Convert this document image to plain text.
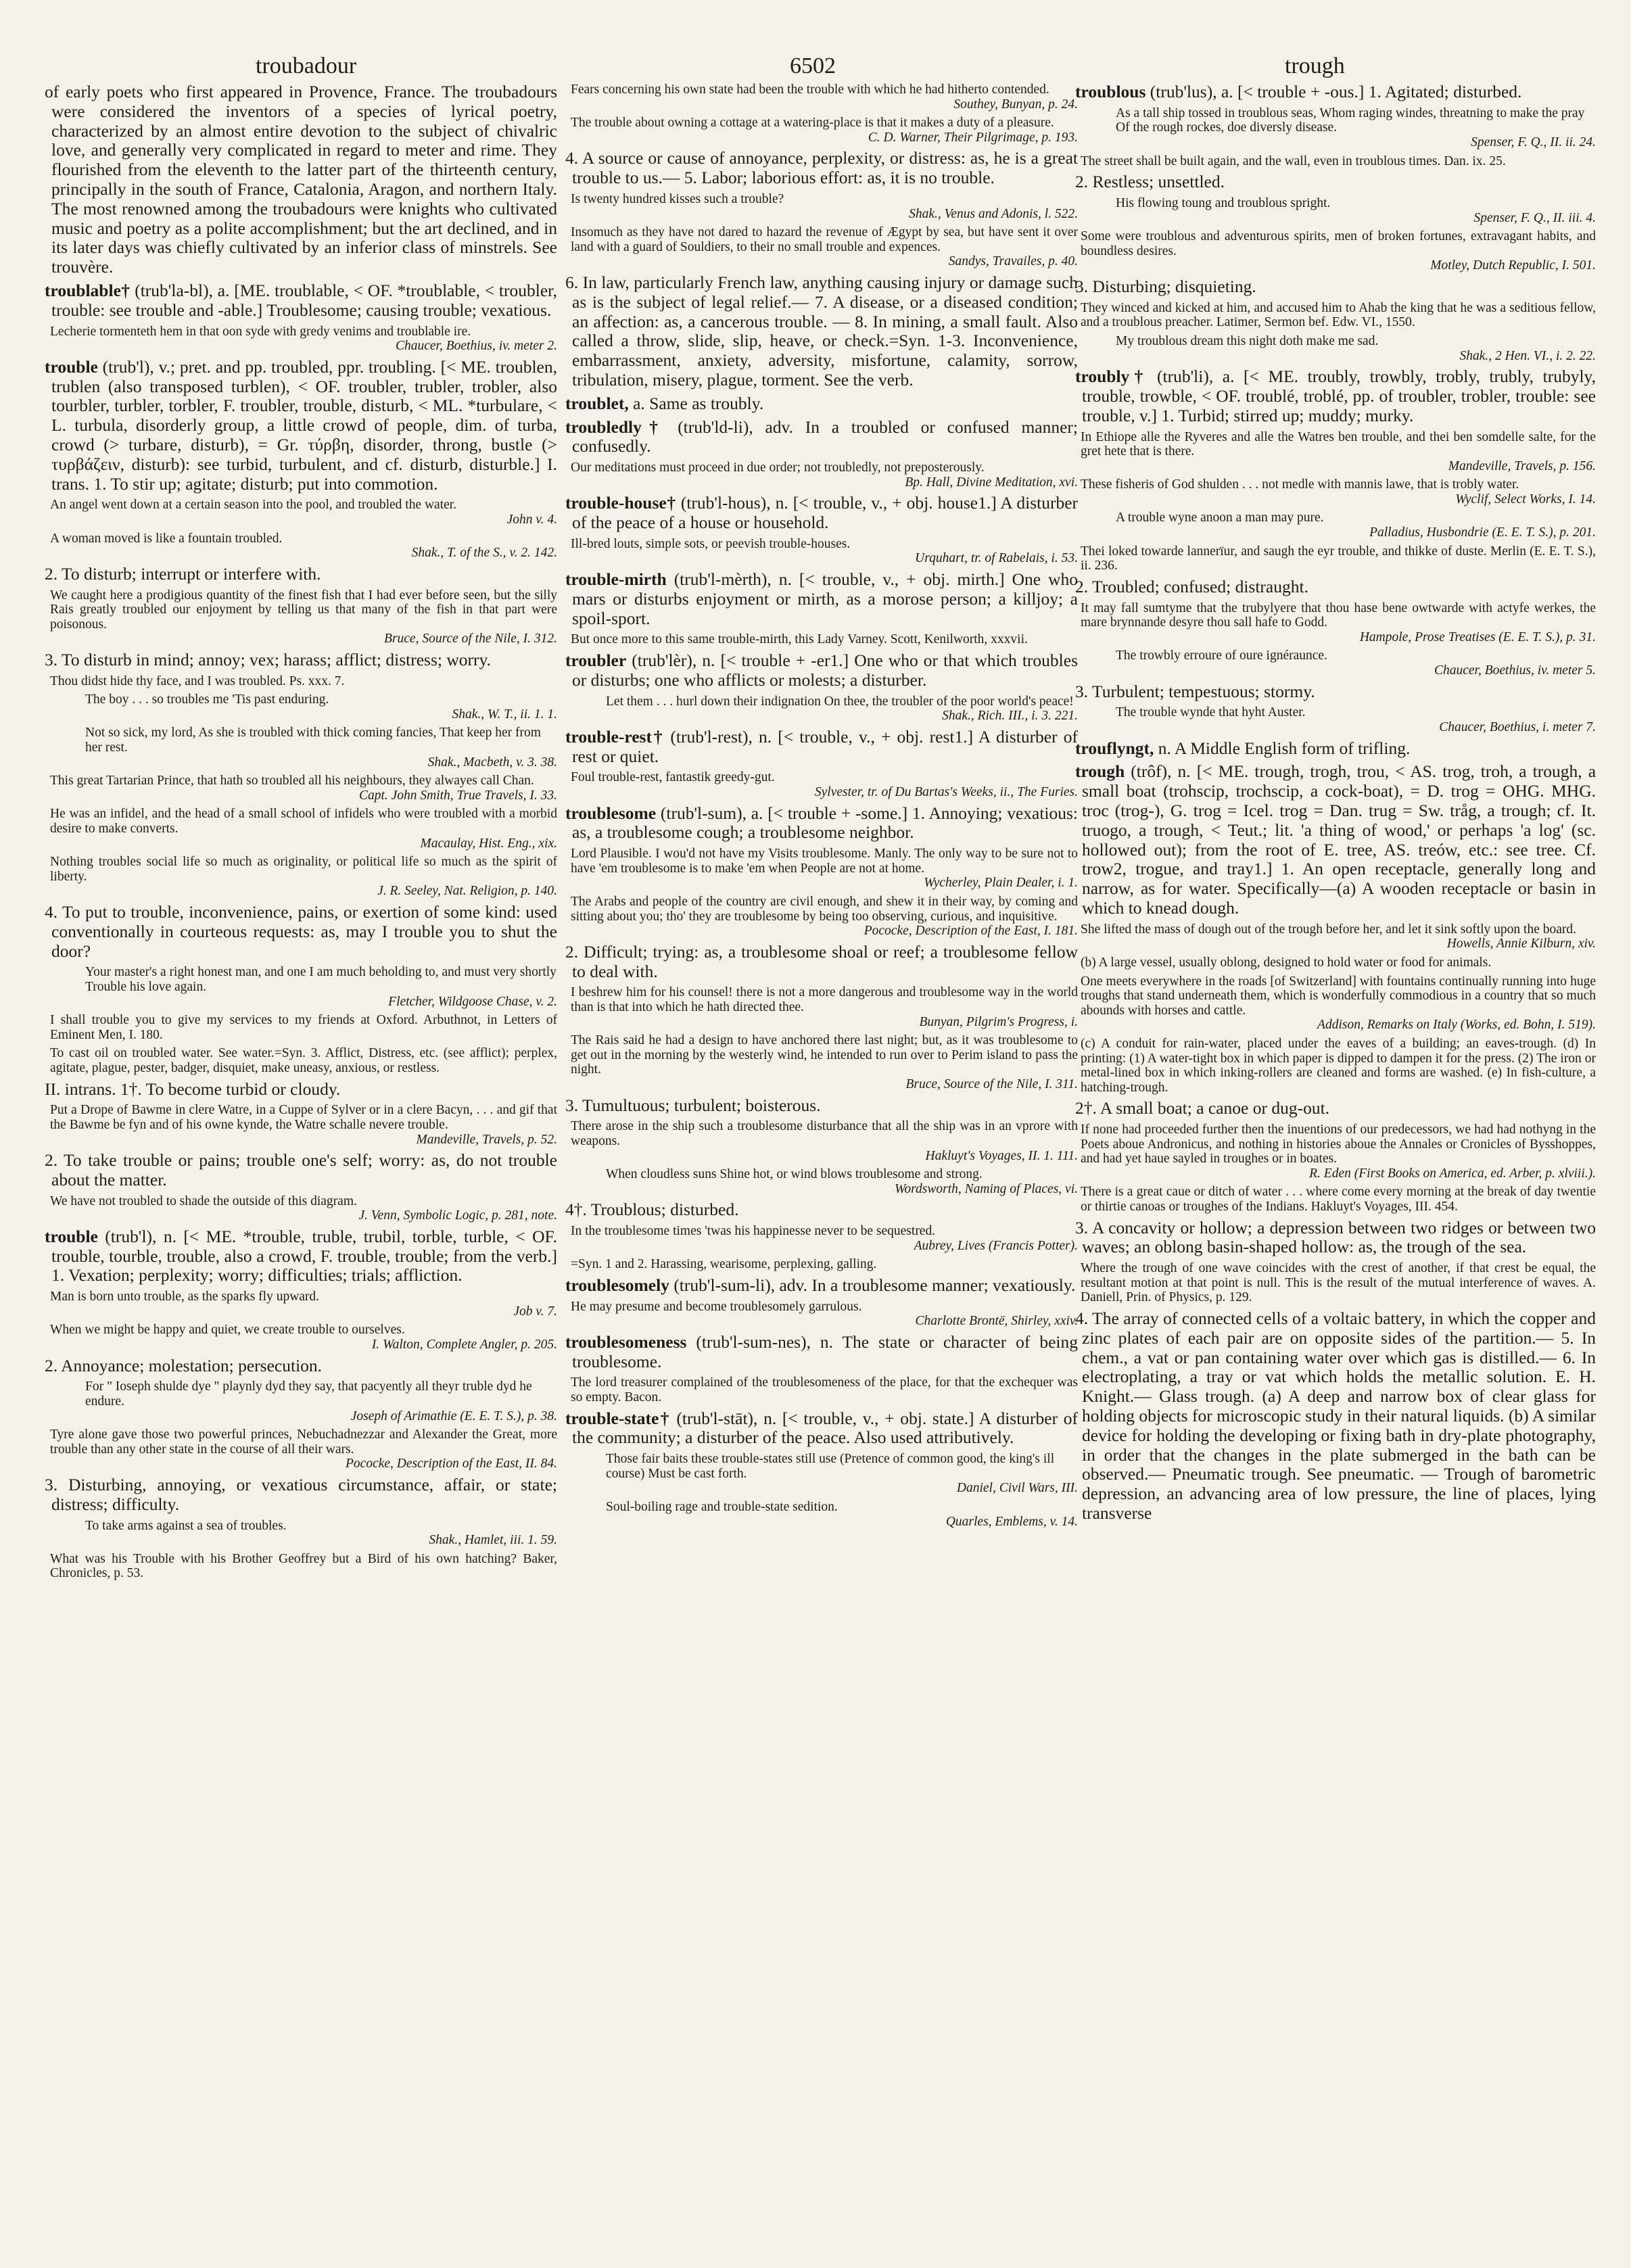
troubadour	6502	trough
of early poets who first appeared in Provence, France. The troubadours were considered the inventors of a species of lyrical poetry, characterized by an almost entire devotion to the subject of chivalric love, and generally very complicated in regard to meter and rime. They flourished from the eleventh to the latter part of the thirteenth century, principally in the south of France, Catalonia, Aragon, and northern Italy. The most renowned among the troubadours were knights who cultivated music and poetry as a polite accomplishment; but the art declined, and in its later days was chiefly cultivated by an inferior class of minstrels. See trouvère.
troublable† (trub'la-bl), a. [ME. troublable, < OF. *troublable, < troubler, trouble: see trouble and -able.] Troublesome; causing trouble; vexatious.
Lecherie tormenteth hem in that oon syde with gredy venims and troublable ire.
Chaucer, Boethius, iv. meter 2.
trouble (trub'l), v.; pret. and pp. troubled, ppr. troubling. [< ME. troublen, trublen (also transposed turblen), < OF. troubler, trubler, trobler, also tourbler, turbler, torbler, F. troubler, trouble, disturb, < ML. *turbulare, < L. turbula, disorderly group, a little crowd of people, dim. of turba, crowd (> turbare, disturb), = Gr. τύρβη, disorder, throng, bustle (> τυρβάζειν, disturb): see turbid, turbulent, and cf. disturb, disturble.] I. trans. 1. To stir up; agitate; disturb; put into commotion.
An angel went down at a certain season into the pool, and troubled the water.
John v. 4.
A woman moved is like a fountain troubled.
Shak., T. of the S., v. 2. 142.
2. To disturb; interrupt or interfere with.
We caught here a prodigious quantity of the finest fish that I had ever before seen, but the silly Rais greatly troubled our enjoyment by telling us that many of the fish in that part were poisonous.
Bruce, Source of the Nile, I. 312.
3. To disturb in mind; annoy; vex; harass; afflict; distress; worry.
Thou didst hide thy face, and I was troubled. Ps. xxx. 7.
The boy . . . so troubles me 'Tis past enduring.
Shak., W. T., ii. 1. 1.
Not so sick, my lord, As she is troubled with thick coming fancies, That keep her from her rest.
Shak., Macbeth, v. 3. 38.
This great Tartarian Prince, that hath so troubled all his neighbours, they alwayes call Chan.
Capt. John Smith, True Travels, I. 33.
He was an infidel, and the head of a small school of infidels who were troubled with a morbid desire to make converts.
Macaulay, Hist. Eng., xix.
Nothing troubles social life so much as originality, or political life so much as the spirit of liberty.
J. R. Seeley, Nat. Religion, p. 140.
4. To put to trouble, inconvenience, pains, or exertion of some kind: used conventionally in courteous requests: as, may I trouble you to shut the door?
Your master's a right honest man, and one I am much beholding to, and must very shortly Trouble his love again.
Fletcher, Wildgoose Chase, v. 2.
I shall trouble you to give my services to my friends at Oxford. Arbuthnot, in Letters of Eminent Men, I. 180.
To cast oil on troubled water. See water.=Syn. 3. Afflict, Distress, etc. (see afflict); perplex, agitate, plague, pester, badger, disquiet, make uneasy, anxious, or restless.
II. intrans. 1†. To become turbid or cloudy.
Put a Drope of Bawme in clere Watre, in a Cuppe of Sylver or in a clere Bacyn, . . . and gif that the Bawme be fyn and of his owne kynde, the Watre schalle nevere trouble.
Mandeville, Travels, p. 52.
2. To take trouble or pains; trouble one's self; worry: as, do not trouble about the matter.
We have not troubled to shade the outside of this diagram.
J. Venn, Symbolic Logic, p. 281, note.
trouble (trub'l), n. [< ME. *trouble, truble, trubil, torble, turble, < OF. trouble, tourble, trouble, also a crowd, F. trouble, trouble; from the verb.] 1. Vexation; perplexity; worry; difficulties; trials; affliction.
Man is born unto trouble, as the sparks fly upward.
Job v. 7.
When we might be happy and quiet, we create trouble to ourselves.
I. Walton, Complete Angler, p. 205.
2. Annoyance; molestation; persecution.
For " Ioseph shulde dye " playnly dyd they say, that pacyently all theyr truble dyd he endure.
Joseph of Arimathie (E. E. T. S.), p. 38.
Tyre alone gave those two powerful princes, Nebuchadnezzar and Alexander the Great, more trouble than any other state in the course of all their wars.
Pococke, Description of the East, II. 84.
3. Disturbing, annoying, or vexatious circumstance, affair, or state; distress; difficulty.
To take arms against a sea of troubles.
Shak., Hamlet, iii. 1. 59.
What was his Trouble with his Brother Geoffrey but a Bird of his own hatching? Baker, Chronicles, p. 53.
Fears concerning his own state had been the trouble with which he had hitherto contended.
Southey, Bunyan, p. 24.
The trouble about owning a cottage at a watering-place is that it makes a duty of a pleasure.
C. D. Warner, Their Pilgrimage, p. 193.
4. A source or cause of annoyance, perplexity, or distress: as, he is a great trouble to us.— 5. Labor; laborious effort: as, it is no trouble.
Is twenty hundred kisses such a trouble?
Shak., Venus and Adonis, l. 522.
Insomuch as they have not dared to hazard the revenue of Ægypt by sea, but have sent it over land with a guard of Souldiers, to their no small trouble and expences.
Sandys, Travailes, p. 40.
6. In law, particularly French law, anything causing injury or damage such as is the subject of legal relief.— 7. A disease, or a diseased condition; an affection: as, a cancerous trouble. — 8. In mining, a small fault. Also called a throw, slide, slip, heave, or check.=Syn. 1-3. Inconvenience, embarrassment, anxiety, adversity, misfortune, calamity, sorrow, tribulation, misery, plague, torment. See the verb.
troublet, a. Same as troubly.
troubledly† (trub'ld-li), adv. In a troubled or confused manner; confusedly.
Our meditations must proceed in due order; not troubledly, not preposterously.
Bp. Hall, Divine Meditation, xvi.
trouble-house† (trub'l-hous), n. [< trouble, v., + obj. house1.] A disturber of the peace of a house or household.
Ill-bred louts, simple sots, or peevish trouble-houses.
Urquhart, tr. of Rabelais, i. 53.
trouble-mirth (trub'l-mèrth), n. [< trouble, v., + obj. mirth.] One who mars or disturbs enjoyment or mirth, as a morose person; a killjoy; a spoil-sport.
But once more to this same trouble-mirth, this Lady Varney. Scott, Kenilworth, xxxvii.
troubler (trub'lèr), n. [< trouble + -er1.] One who or that which troubles or disturbs; one who afflicts or molests; a disturber.
Let them . . . hurl down their indignation On thee, the troubler of the poor world's peace!
Shak., Rich. III., i. 3. 221.
trouble-rest† (trub'l-rest), n. [< trouble, v., + obj. rest1.] A disturber of rest or quiet.
Foul trouble-rest, fantastik greedy-gut.
Sylvester, tr. of Du Bartas's Weeks, ii., The Furies.
troublesome (trub'l-sum), a. [< trouble + -some.] 1. Annoying; vexatious: as, a troublesome cough; a troublesome neighbor.
Lord Plausible. I wou'd not have my Visits troublesome. Manly. The only way to be sure not to have 'em troublesome is to make 'em when People are not at home.
Wycherley, Plain Dealer, i. 1.
The Arabs and people of the country are civil enough, and shew it in their way, by coming and sitting about you; tho' they are troublesome by being too observing, curious, and inquisitive.
Pococke, Description of the East, I. 181.
2. Difficult; trying: as, a troublesome shoal or reef; a troublesome fellow to deal with.
I beshrew him for his counsel! there is not a more dangerous and troublesome way in the world than is that into which he hath directed thee.
Bunyan, Pilgrim's Progress, i.
The Rais said he had a design to have anchored there last night; but, as it was troublesome to get out in the morning by the westerly wind, he intended to run over to Perim island to pass the night.
Bruce, Source of the Nile, I. 311.
3. Tumultuous; turbulent; boisterous.
There arose in the ship such a troublesome disturbance that all the ship was in an vprore with weapons.
Hakluyt's Voyages, II. 1. 111.
When cloudless suns Shine hot, or wind blows troublesome and strong.
Wordsworth, Naming of Places, vi.
4†. Troublous; disturbed.
In the troublesome times 'twas his happinesse never to be sequestred.
Aubrey, Lives (Francis Potter).
=Syn. 1 and 2. Harassing, wearisome, perplexing, galling.
troublesomely (trub'l-sum-li), adv. In a troublesome manner; vexatiously.
He may presume and become troublesomely garrulous.
Charlotte Brontë, Shirley, xxiv.
troublesomeness (trub'l-sum-nes), n. The state or character of being troublesome.
The lord treasurer complained of the troublesomeness of the place, for that the exchequer was so empty. Bacon.
trouble-state† (trub'l-stāt), n. [< trouble, v., + obj. state.] A disturber of the community; a disturber of the peace. Also used attributively.
Those fair baits these trouble-states still use (Pretence of common good, the king's ill course) Must be cast forth.
Daniel, Civil Wars, III.
Soul-boiling rage and trouble-state sedition.
Quarles, Emblems, v. 14.
troublous (trub'lus), a. [< trouble + -ous.] 1. Agitated; disturbed.
As a tall ship tossed in troublous seas, Whom raging windes, threatning to make the pray Of the rough rockes, doe diversly disease.
Spenser, F. Q., II. ii. 24.
The street shall be built again, and the wall, even in troublous times. Dan. ix. 25.
2. Restless; unsettled.
His flowing toung and troublous spright.
Spenser, F. Q., II. iii. 4.
Some were troublous and adventurous spirits, men of broken fortunes, extravagant habits, and boundless desires.
Motley, Dutch Republic, I. 501.
3. Disturbing; disquieting.
They winced and kicked at him, and accused him to Ahab the king that he was a seditious fellow, and a troublous preacher. Latimer, Sermon bef. Edw. VI., 1550.
My troublous dream this night doth make me sad.
Shak., 2 Hen. VI., i. 2. 22.
troubly† (trub'li), a. [< ME. troubly, trowbly, trobly, trubly, trubyly, trouble, trowble, < OF. troublé, troblé, pp. of troubler, trobler, trouble: see trouble, v.] 1. Turbid; stirred up; muddy; murky.
In Ethiope alle the Ryveres and alle the Watres ben trouble, and thei ben somdelle salte, for the gret hete that is there.
Mandeville, Travels, p. 156.
These fisheris of God shulden . . . not medle with mannis lawe, that is trobly water.
Wyclif, Select Works, I. 14.
A trouble wyne anoon a man may pure.
Palladius, Husbondrie (E. E. T. S.), p. 201.
Thei loked towarde lannerïur, and saugh the eyr trouble, and thikke of duste. Merlin (E. E. T. S.), ii. 236.
2. Troubled; confused; distraught.
It may fall sumtyme that the trubylyere that thou hase bene owtwarde with actyfe werkes, the mare brynnande desyre thou sall hafe to Godd.
Hampole, Prose Treatises (E. E. T. S.), p. 31.
The trowbly erroure of oure ignéraunce.
Chaucer, Boethius, iv. meter 5.
3. Turbulent; tempestuous; stormy.
The trouble wynde that hyht Auster.
Chaucer, Boethius, i. meter 7.
trouflyngt, n. A Middle English form of trifling.
trough (trôf), n. [< ME. trough, trogh, trou, < AS. trog, troh, a trough, a small boat (trohscip, trochscip, a cock-boat), = D. trog = OHG. MHG. troc (trog-), G. trog = Icel. trog = Dan. trug = Sw. tråg, a trough; cf. It. truogo, a trough, < Teut.; lit. 'a thing of wood,' or perhaps 'a log' (sc. hollowed out); from the root of E. tree, AS. treów, etc.: see tree. Cf. trow2, trogue, and tray1.] 1. An open receptacle, generally long and narrow, as for water. Specifically—(a) A wooden receptacle or basin in which to knead dough.
She lifted the mass of dough out of the trough before her, and let it sink softly upon the board.
Howells, Annie Kilburn, xiv.
(b) A large vessel, usually oblong, designed to hold water or food for animals.
One meets everywhere in the roads [of Switzerland] with fountains continually running into huge troughs that stand underneath them, which is wonderfully commodious in a country that so much abounds with horses and cattle.
Addison, Remarks on Italy (Works, ed. Bohn, I. 519).
(c) A conduit for rain-water, placed under the eaves of a building; an eaves-trough. (d) In printing: (1) A water-tight box in which paper is dipped to dampen it for the press. (2) The iron or metal-lined box in which inking-rollers are cleaned and forms are washed. (e) In fish-culture, a hatching-trough.
2†. A small boat; a canoe or dug-out.
If none had proceeded further then the inuentions of our predecessors, we had had nothyng in the Poets aboue Andronicus, and nothing in histories aboue the Annales or Cronicles of Bysshoppes, and had yet haue sayled in troughes or in boates.
R. Eden (First Books on America, ed. Arber, p. xlviii.).
There is a great caue or ditch of water . . . where come every morning at the break of day twentie or thirtie canoas or troughes of the Indians. Hakluyt's Voyages, III. 454.
3. A concavity or hollow; a depression between two ridges or between two waves; an oblong basin-shaped hollow: as, the trough of the sea.
Where the trough of one wave coincides with the crest of another, if that crest be equal, the resultant motion at that point is null. This is the result of the mutual interference of waves. A. Daniell, Prin. of Physics, p. 129.
4. The array of connected cells of a voltaic battery, in which the copper and zinc plates of each pair are on opposite sides of the partition.— 5. In chem., a vat or pan containing water over which gas is distilled.— 6. In electroplating, a tray or vat which holds the metallic solution. E. H. Knight.— Glass trough. (a) A deep and narrow box of clear glass for holding objects for microscopic study in their natural liquids. (b) A similar device for holding the developing or fixing bath in dry-plate photography, in order that the changes in the plate submerged in the bath can be observed.— Pneumatic trough. See pneumatic. — Trough of barometric depression, an advancing area of low pressure, the line of places, lying transverse
